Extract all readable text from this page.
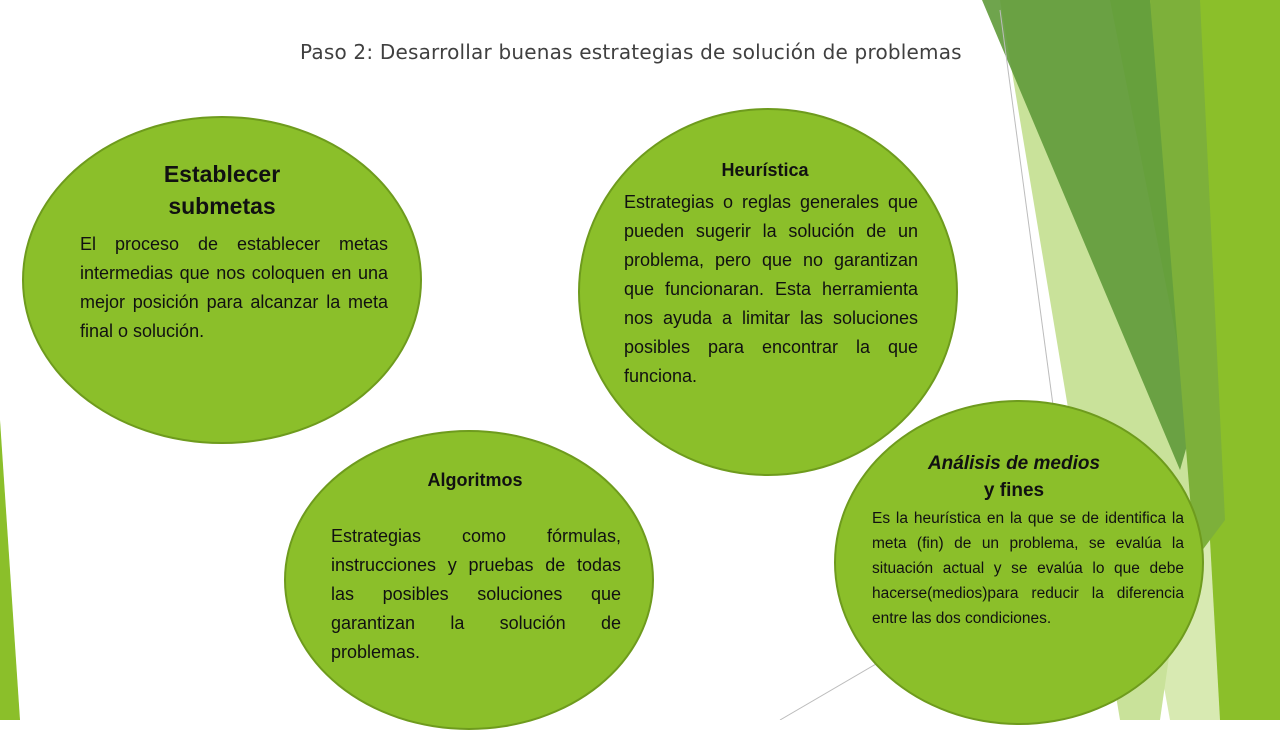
Paso 2: Desarrollar buenas estrategias de solución de problemas
Establecer
submetas
El proceso de establecer metas intermedias que nos coloquen en una mejor posición para alcanzar la meta final o solución.
Heurística
Estrategias o reglas generales que pueden sugerir la solución de un problema, pero que no garantizan que funcionaran. Esta herramienta nos ayuda a limitar las soluciones posibles para encontrar la que funciona.
Algoritmos
Estrategias como fórmulas, instrucciones y pruebas de todas las posibles soluciones que garantizan la solución de problemas.
Análisis de medios
y fines
Es la heurística en la que se de identifica la meta (fin) de un problema, se evalúa la situación actual y se evalúa lo que debe hacerse(medios)para reducir la diferencia entre las dos condiciones.
